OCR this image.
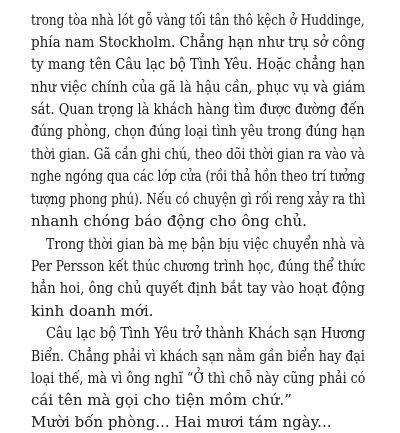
trong tòa nhà lót gỗ vàng tối tân thô kệch ở Huddinge,
phía nam Stockholm. Chẳng hạn như trụ sở công
ty mang tên Câu lạc bộ Tình Yêu. Hoặc chẳng hạn
như việc chính của gã là hậu cần, phục vụ và giám
sát. Quan trọng là khách hàng tìm được đường đến
đúng phòng, chọn đúng loại tình yêu trong đúng hạn
thời gian. Gã cần ghi chú, theo dõi thời gian ra vào và
nghe ngóng qua các lớp cửa (rồi thả hồn theo trí tưởng
tượng phong phú). Nếu có chuyện gì rối reng xảy ra thì
nhanh chóng báo động cho ông chủ.
Trong thời gian bà mẹ bận bịu việc chuyển nhà và
Per Persson kết thúc chương trình học, đúng thể thức
hẳn hoi, ông chủ quyết định bắt tay vào hoạt động
kinh doanh mới.
Câu lạc bộ Tình Yêu trở thành Khách sạn Hương
Biển. Chẳng phải vì khách sạn nằm gần biển hay đại
loại thế, mà vì ông nghĩ “Ở thì chỗ này cũng phải có
cái tên mà gọi cho tiện mồm chứ.”
Mười bốn phòng... Hai mươi tám ngày...
